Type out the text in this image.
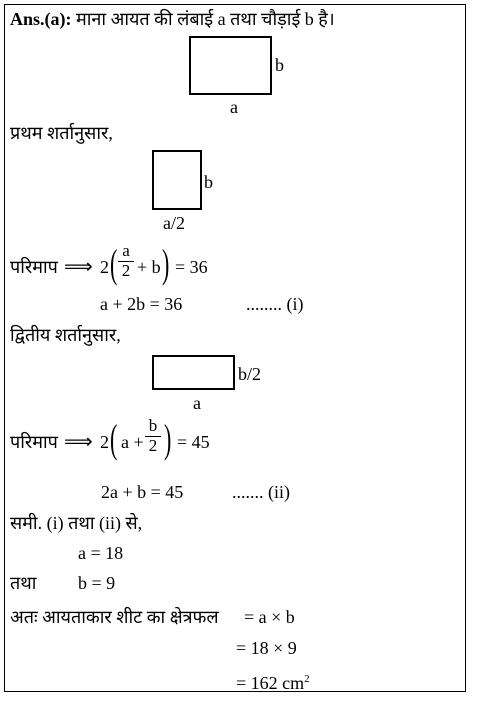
Ans.(a): माना आयत की लंबाई a तथा चौड़ाई b है।
b
a
प्रथम शर्तानुसार,
b
a/2
परिमाप ⟹ 2 ( $\frac{a}{2} + b$ ) = 36
a + 2b = 36	........ (i)
द्वितीय शर्तानुसार,
b/2
a
परिमाप ⟹ 2 ( $a + \frac{b}{2}$ ) = 45
2a + b = 45	....... (ii)
समी. (i) तथा (ii) से,
a = 18
तथा b = 9
अतः आयताकार शीट का क्षेत्रफल = a × b
= 18 × 9
= 162 $cm^2$
